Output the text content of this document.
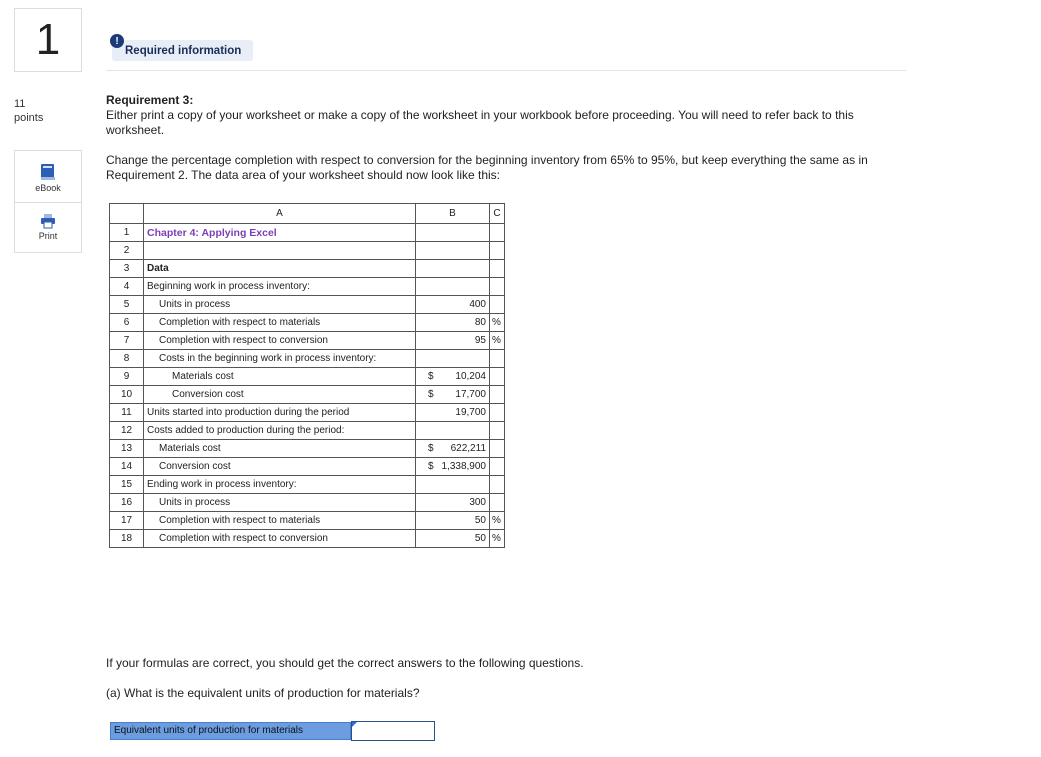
1
11
points
eBook
Print
Required information
!
Requirement 3:
Either print a copy of your worksheet or make a copy of the worksheet in your workbook before proceeding. You will need to refer back to this worksheet.
Change the percentage completion with respect to conversion for the beginning inventory from 65% to 95%, but keep everything the same as in Requirement 2. The data area of your worksheet should now look like this:
	A	B	C
1	Chapter 4: Applying Excel	

2		

3	Data	

4	Beginning work in process inventory:	

5	Units in process	400	

6	Completion with respect to materials	80	%
7	Completion with respect to conversion	95	%
8	Costs in the beginning work in process inventory:	

9	Materials cost	$ 10,204	

10	Conversion cost	$ 17,700	

11	Units started into production during the period	19,700	

12	Costs added to production during the period:	

13	Materials cost	$ 622,211	

14	Conversion cost	$ 1,338,900	

15	Ending work in process inventory:	

16	Units in process	300	

17	Completion with respect to materials	50	%
18	Completion with respect to conversion	50	%
If your formulas are correct, you should get the correct answers to the following questions.
(a) What is the equivalent units of production for materials?
Equivalent units of production for materials
